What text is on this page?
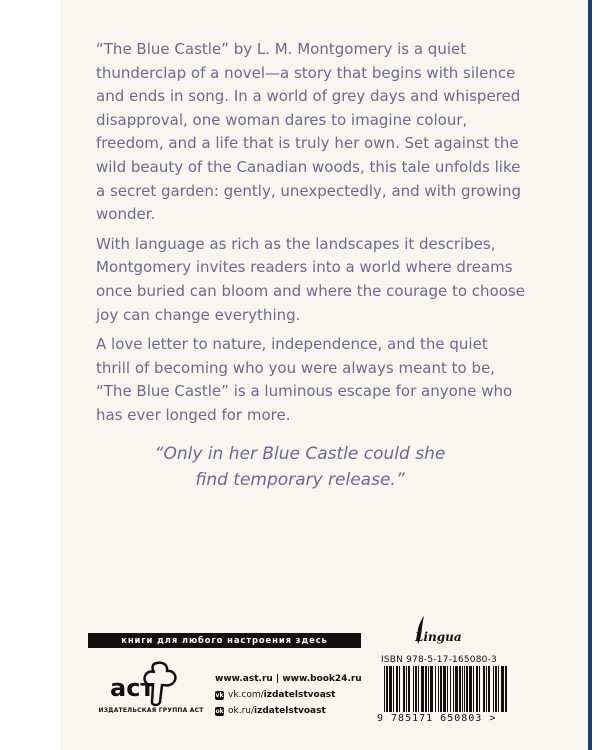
“The Blue Castle” by L. M. Montgomery is a quiet thunderclap of a novel—a story that begins with silence and ends in song. In a world of grey days and whispered disapproval, one woman dares to imagine colour, freedom, and a life that is truly her own. Set against the wild beauty of the Canadian woods, this tale unfolds like a secret garden: gently, unexpectedly, and with growing wonder.

With language as rich as the landscapes it describes, Montgomery invites readers into a world where dreams once buried can bloom and where the courage to choose joy can change everything.

A love letter to nature, independence, and the quiet thrill of becoming who you were always meant to be, “The Blue Castle” is a luminous escape for anyone who has ever longed for more.

“Only in her Blue Castle could she
find temporary release.”
книги для любого настроения здесь
аст
ИЗДАТЕЛЬСКАЯ ГРУППА АСТ
www.ast.ru | www.book24.ru
vk vk.com/ izdatelstvoast
ok ok.ru/ izdatelstvoast
Lingua
ISBN 978-5-17-165080-3
9 785171 650803 >
